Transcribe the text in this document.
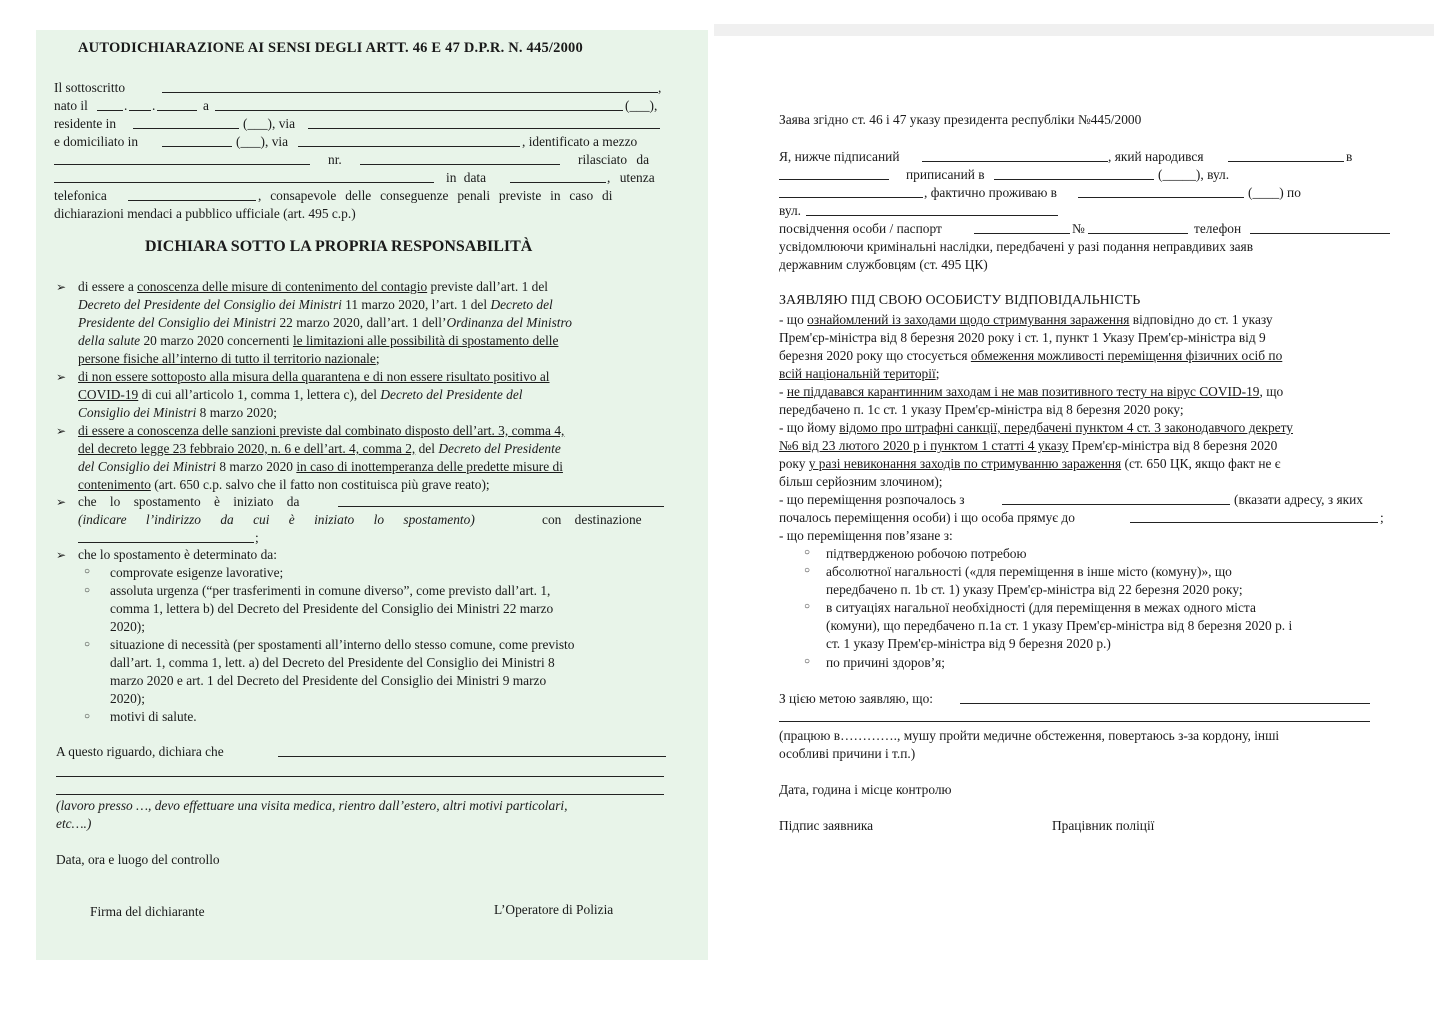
AUTODICHIARAZIONE AI SENSI DEGLI ARTT. 46 E 47 D.P.R. N. 445/2000
Il sottoscritto	,
nato il	. .	a	(___),
residente in	(___), via
e domiciliato in	(___), via	, identificato a mezzo
nr.	rilasciato da
in data	, utenza
telefonica	, consapevole delle conseguenze penali previste in caso di
dichiarazioni mendaci a pubblico ufficiale (art. 495 c.p.)
DICHIARA SOTTO LA PROPRIA RESPONSABILITÀ
➢ di essere a conoscenza delle misure di contenimento del contagio previste dall’art. 1 del
Decreto del Presidente del Consiglio dei Ministri 11 marzo 2020, l’art. 1 del Decreto del
Presidente del Consiglio dei Ministri 22 marzo 2020, dall’art. 1 dell’Ordinanza del Ministro
della salute 20 marzo 2020 concernenti le limitazioni alle possibilità di spostamento delle
persone fisiche all’interno di tutto il territorio nazionale;
➢ di non essere sottoposto alla misura della quarantena e di non essere risultato positivo al
COVID-19 di cui all’articolo 1, comma 1, lettera c), del Decreto del Presidente del
Consiglio dei Ministri 8 marzo 2020;
➢ di essere a conoscenza delle sanzioni previste dal combinato disposto dell’art. 3, comma 4,
del decreto legge 23 febbraio 2020, n. 6 e dell’art. 4, comma 2, del Decreto del Presidente
del Consiglio dei Ministri 8 marzo 2020 in caso di inottemperanza delle predette misure di
contenimento (art. 650 c.p. salvo che il fatto non costituisca più grave reato);
➢ che lo spostamento è iniziato da
(indicare l’indirizzo da cui è iniziato lo spostamento)	con destinazione
;
➢ che lo spostamento è determinato da:
○ comprovate esigenze lavorative;
○ assoluta urgenza (“per trasferimenti in comune diverso”, come previsto dall’art. 1,
comma 1, lettera b) del Decreto del Presidente del Consiglio dei Ministri 22 marzo
2020);
○ situazione di necessità (per spostamenti all’interno dello stesso comune, come previsto
dall’art. 1, comma 1, lett. a) del Decreto del Presidente del Consiglio dei Ministri 8
marzo 2020 e art. 1 del Decreto del Presidente del Consiglio dei Ministri 9 marzo
2020);
○ motivi di salute.
A questo riguardo, dichiara che
(lavoro presso …, devo effettuare una visita medica, rientro dall’estero, altri motivi particolari,
etc….)
Data, ora e luogo del controllo
Firma del dichiarante	L’Operatore di Polizia
Заява згідно ст. 46 і 47 указу президента республіки №445/2000
Я, нижче підписаний	, який народився	в
приписаний в	(_____), вул.
, фактично проживаю в	(____) по
вул.
посвідчення особи / паспорт	№	телефон
усвідомлюючи кримінальні наслідки, передбачені у разі подання неправдивих заяв
державним службовцям (ст. 495 ЦК)
ЗАЯВЛЯЮ ПІД СВОЮ ОСОБИСТУ ВІДПОВІДАЛЬНІСТЬ
- що ознайомлений із заходами щодо стримування зараження відповідно до ст. 1 указу
Прем'єр-міністра від 8 березня 2020 року і ст. 1, пункт 1 Указу Прем'єр-міністра від 9
березня 2020 року що стосується обмеження можливості переміщення фізичних осіб по
всій національній території;
- не піддавався карантинним заходам і не мав позитивного тесту на вірус COVID-19, що
передбачено п. 1с ст. 1 указу Прем'єр-міністра від 8 березня 2020 року;
- що йому відомо про штрафні санкції, передбачені пунктом 4 ст. 3 законодавчого декрету
№6 від 23 лютого 2020 р і пунктом 1 статті 4 указу Прем'єр-міністра від 8 березня 2020
року у разі невиконання заходів по стримуванню зараження (ст. 650 ЦК, якщо факт не є
більш серйозним злочином);
- що переміщення розпочалось з	(вказати адресу, з яких
почалось переміщення особи) і що особа прямує до	;
- що переміщення пов’язане з:
○ підтвердженою робочою потребою
○ абсолютної нагальності («для переміщення в інше місто (комуну)», що
передбачено п. 1b ст. 1) указу Прем'єр-міністра від 22 березня 2020 року;
○ в ситуаціях нагальної необхідності (для переміщення в межах одного міста
(комуни), що передбачено п.1а ст. 1 указу Прем'єр-міністра від 8 березня 2020 р. і
ст. 1 указу Прем'єр-міністра від 9 березня 2020 р.)
○ по причині здоров’я;
З цією метою заявляю, що:
(працюю в…………., мушу пройти медичне обстеження, повертаюсь з-за кордону, інші
особливі причини і т.п.)
Дата, година і місце контролю
Підпис заявника	Працівник поліції
